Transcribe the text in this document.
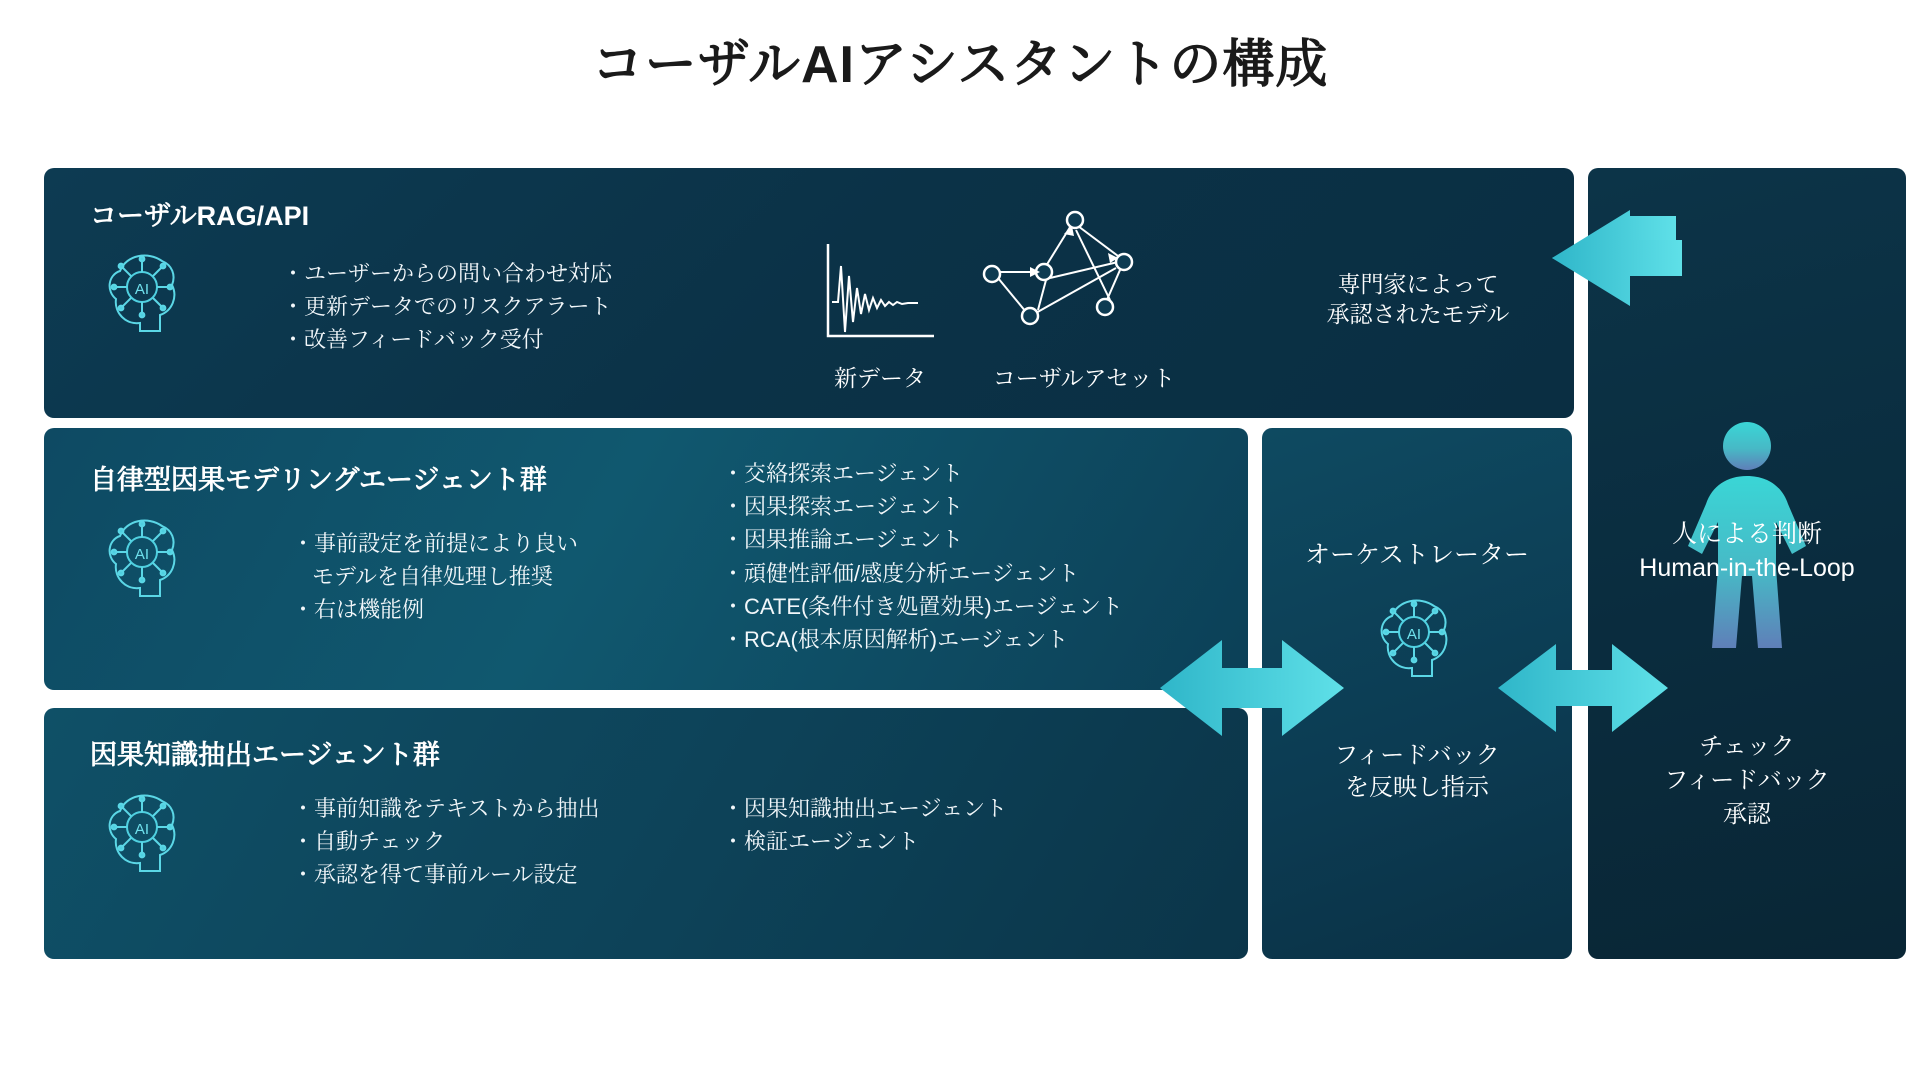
コーザルAIアシスタントの構成
コーザルRAG/API
AI
・ユーザーからの問い合わせ対応
・更新データでのリスクアラート
・改善フィードバック受付
新データ	コーザルアセット
専門家によって
承認されたモデル
自律型因果モデリングエージェント群
AI	・事前設定を前提により良い
モデルを自律処理し推奨
・右は機能例
・交絡探索エージェント
・因果探索エージェント
・因果推論エージェント
・頑健性評価/感度分析エージェント
・CATE(条件付き処置効果)エージェント
・RCA(根本原因解析)エージェント
因果知識抽出エージェント群
AI
・事前知識をテキストから抽出
・自動チェック
・承認を得て事前ルール設定
・因果知識抽出エージェント
・検証エージェント
オーケストレーター
AI
フィードバック
を反映し指示
人による判断
Human-in-the-Loop
チェック
フィードバック
承認
